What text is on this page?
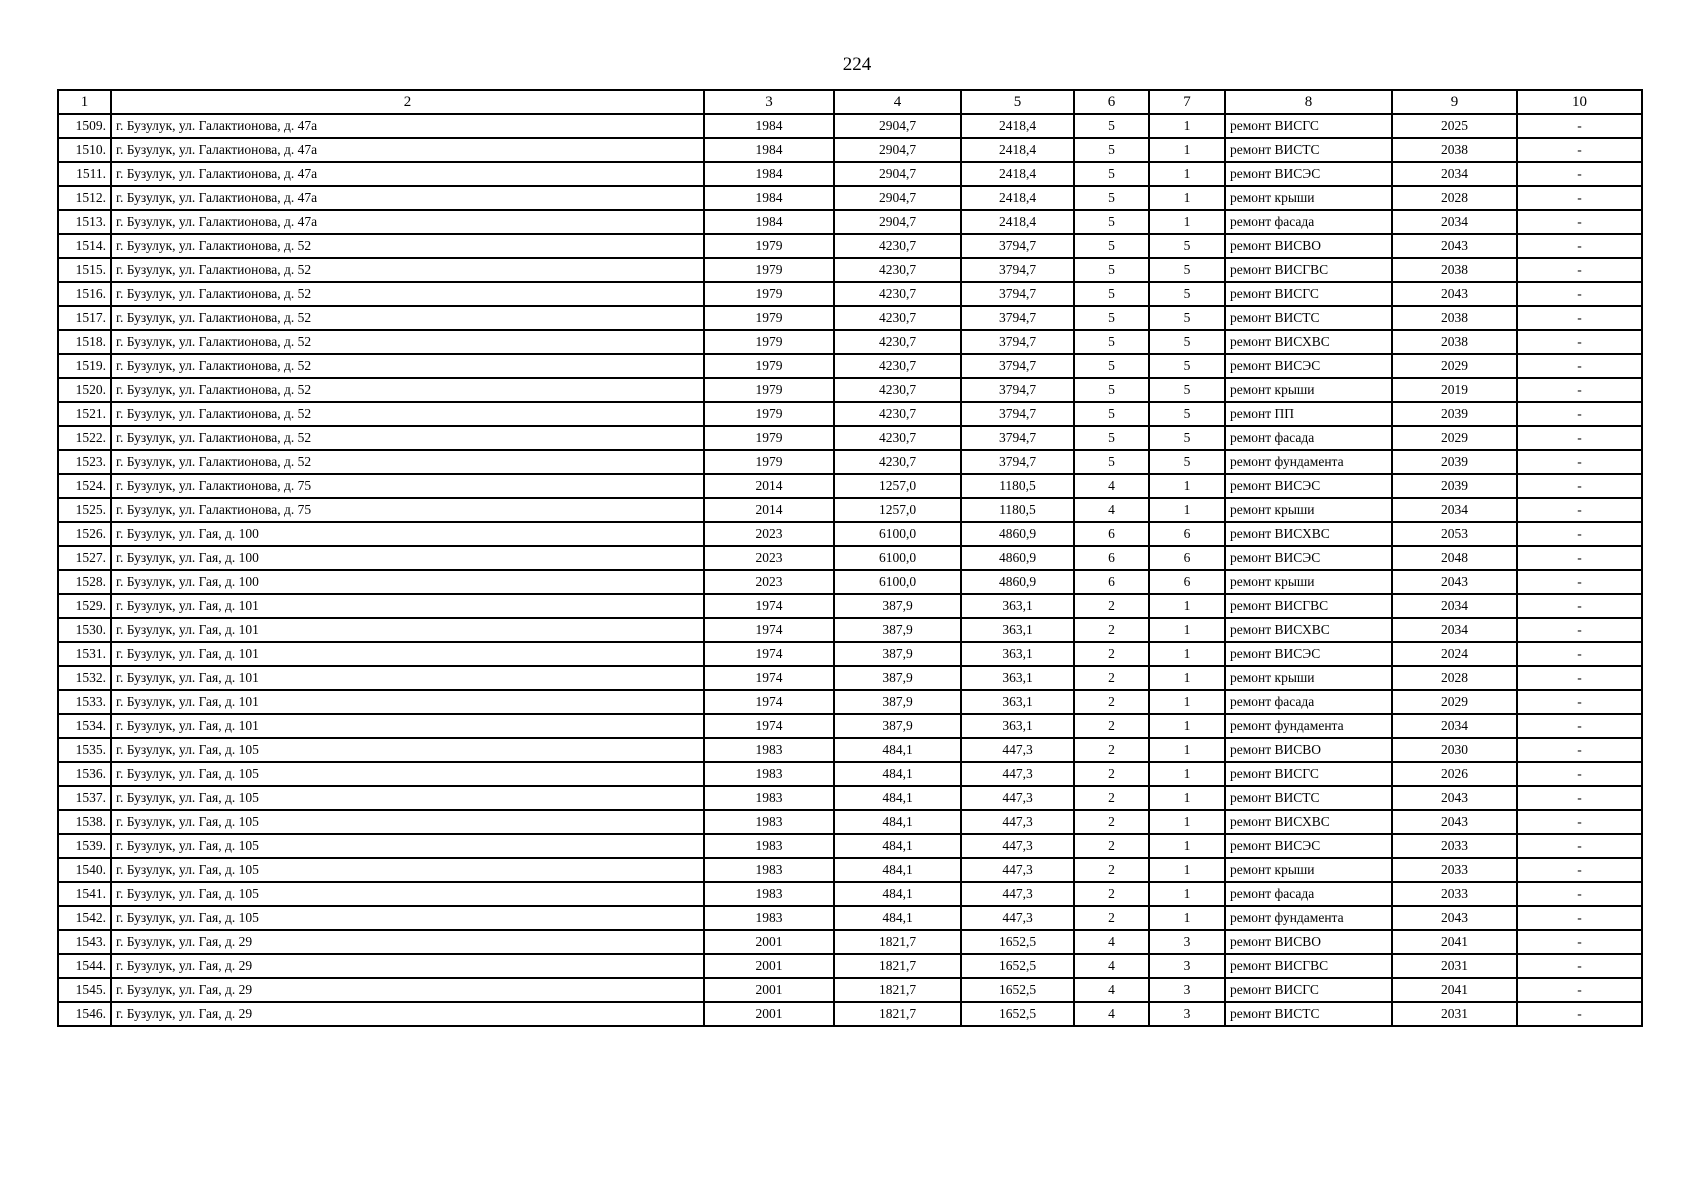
224
1	2	3	4	5	6	7	8	9	10
1509.	г. Бузулук, ул. Галактионова, д. 47а	1984	2904,7	2418,4	5	1	ремонт ВИСГС	2025	-
1510.	г. Бузулук, ул. Галактионова, д. 47а	1984	2904,7	2418,4	5	1	ремонт ВИСТС	2038	-
1511.	г. Бузулук, ул. Галактионова, д. 47а	1984	2904,7	2418,4	5	1	ремонт ВИСЭС	2034	-
1512.	г. Бузулук, ул. Галактионова, д. 47а	1984	2904,7	2418,4	5	1	ремонт крыши	2028	-
1513.	г. Бузулук, ул. Галактионова, д. 47а	1984	2904,7	2418,4	5	1	ремонт фасада	2034	-
1514.	г. Бузулук, ул. Галактионова, д. 52	1979	4230,7	3794,7	5	5	ремонт ВИСВО	2043	-
1515.	г. Бузулук, ул. Галактионова, д. 52	1979	4230,7	3794,7	5	5	ремонт ВИСГВС	2038	-
1516.	г. Бузулук, ул. Галактионова, д. 52	1979	4230,7	3794,7	5	5	ремонт ВИСГС	2043	-
1517.	г. Бузулук, ул. Галактионова, д. 52	1979	4230,7	3794,7	5	5	ремонт ВИСТС	2038	-
1518.	г. Бузулук, ул. Галактионова, д. 52	1979	4230,7	3794,7	5	5	ремонт ВИСХВС	2038	-
1519.	г. Бузулук, ул. Галактионова, д. 52	1979	4230,7	3794,7	5	5	ремонт ВИСЭС	2029	-
1520.	г. Бузулук, ул. Галактионова, д. 52	1979	4230,7	3794,7	5	5	ремонт крыши	2019	-
1521.	г. Бузулук, ул. Галактионова, д. 52	1979	4230,7	3794,7	5	5	ремонт ПП	2039	-
1522.	г. Бузулук, ул. Галактионова, д. 52	1979	4230,7	3794,7	5	5	ремонт фасада	2029	-
1523.	г. Бузулук, ул. Галактионова, д. 52	1979	4230,7	3794,7	5	5	ремонт фундамента	2039	-
1524.	г. Бузулук, ул. Галактионова, д. 75	2014	1257,0	1180,5	4	1	ремонт ВИСЭС	2039	-
1525.	г. Бузулук, ул. Галактионова, д. 75	2014	1257,0	1180,5	4	1	ремонт крыши	2034	-
1526.	г. Бузулук, ул. Гая, д. 100	2023	6100,0	4860,9	6	6	ремонт ВИСХВС	2053	-
1527.	г. Бузулук, ул. Гая, д. 100	2023	6100,0	4860,9	6	6	ремонт ВИСЭС	2048	-
1528.	г. Бузулук, ул. Гая, д. 100	2023	6100,0	4860,9	6	6	ремонт крыши	2043	-
1529.	г. Бузулук, ул. Гая, д. 101	1974	387,9	363,1	2	1	ремонт ВИСГВС	2034	-
1530.	г. Бузулук, ул. Гая, д. 101	1974	387,9	363,1	2	1	ремонт ВИСХВС	2034	-
1531.	г. Бузулук, ул. Гая, д. 101	1974	387,9	363,1	2	1	ремонт ВИСЭС	2024	-
1532.	г. Бузулук, ул. Гая, д. 101	1974	387,9	363,1	2	1	ремонт крыши	2028	-
1533.	г. Бузулук, ул. Гая, д. 101	1974	387,9	363,1	2	1	ремонт фасада	2029	-
1534.	г. Бузулук, ул. Гая, д. 101	1974	387,9	363,1	2	1	ремонт фундамента	2034	-
1535.	г. Бузулук, ул. Гая, д. 105	1983	484,1	447,3	2	1	ремонт ВИСВО	2030	-
1536.	г. Бузулук, ул. Гая, д. 105	1983	484,1	447,3	2	1	ремонт ВИСГС	2026	-
1537.	г. Бузулук, ул. Гая, д. 105	1983	484,1	447,3	2	1	ремонт ВИСТС	2043	-
1538.	г. Бузулук, ул. Гая, д. 105	1983	484,1	447,3	2	1	ремонт ВИСХВС	2043	-
1539.	г. Бузулук, ул. Гая, д. 105	1983	484,1	447,3	2	1	ремонт ВИСЭС	2033	-
1540.	г. Бузулук, ул. Гая, д. 105	1983	484,1	447,3	2	1	ремонт крыши	2033	-
1541.	г. Бузулук, ул. Гая, д. 105	1983	484,1	447,3	2	1	ремонт фасада	2033	-
1542.	г. Бузулук, ул. Гая, д. 105	1983	484,1	447,3	2	1	ремонт фундамента	2043	-
1543.	г. Бузулук, ул. Гая, д. 29	2001	1821,7	1652,5	4	3	ремонт ВИСВО	2041	-
1544.	г. Бузулук, ул. Гая, д. 29	2001	1821,7	1652,5	4	3	ремонт ВИСГВС	2031	-
1545.	г. Бузулук, ул. Гая, д. 29	2001	1821,7	1652,5	4	3	ремонт ВИСГС	2041	-
1546.	г. Бузулук, ул. Гая, д. 29	2001	1821,7	1652,5	4	3	ремонт ВИСТС	2031	-
